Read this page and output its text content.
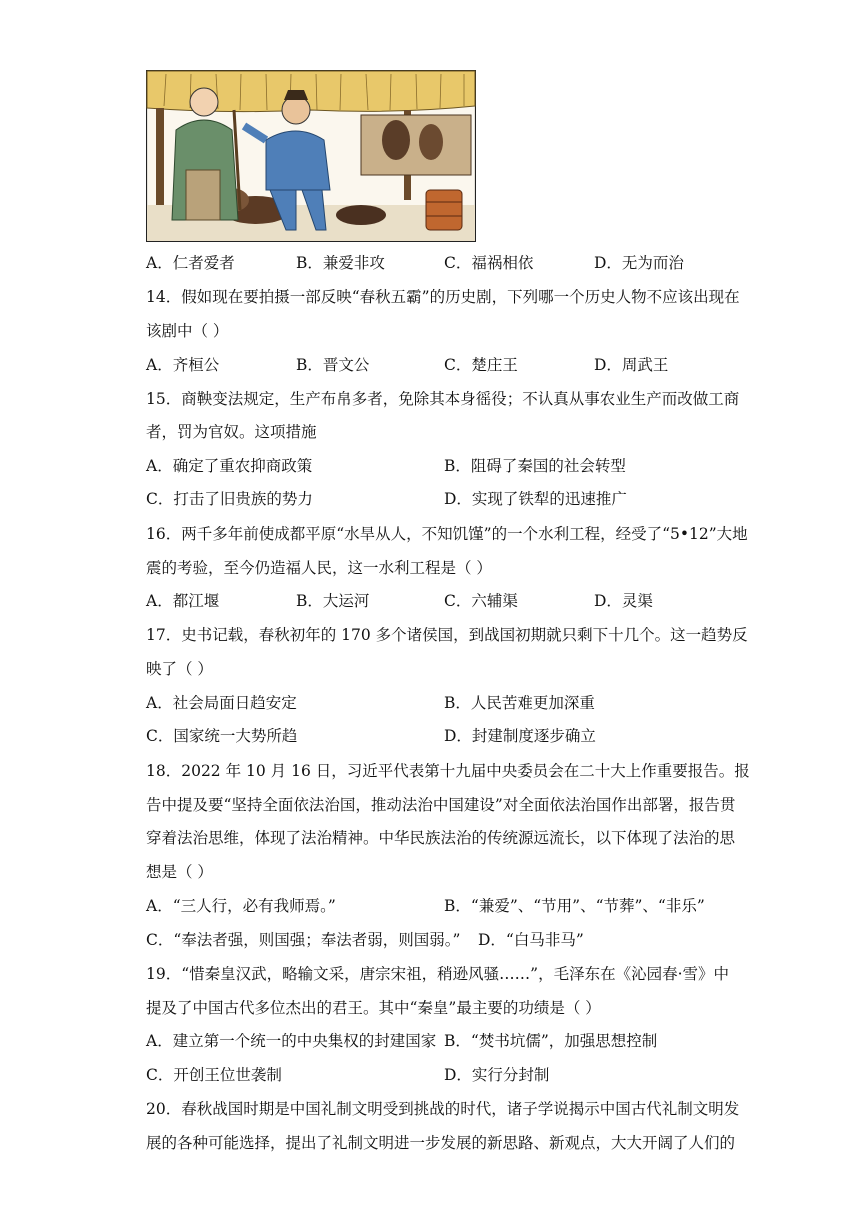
A．仁者爱者	B．兼爱非攻	C．福祸相依	D．无为而治
14．假如现在要拍摄一部反映“春秋五霸”的历史剧，下列哪一个历史人物不应该出现在
该剧中（ ）
A．齐桓公	B．晋文公	C．楚庄王	D．周武王
15．商鞅变法规定，生产布帛多者，免除其本身徭役；不认真从事农业生产而改做工商
者，罚为官奴。这项措施
A．确定了重农抑商政策	B．阻碍了秦国的社会转型
C．打击了旧贵族的势力	D．实现了铁犁的迅速推广
16．两千多年前使成都平原“水旱从人，不知饥馑”的一个水利工程，经受了“5•12”大地
震的考验，至今仍造福人民，这一水利工程是（ ）
A．都江堰	B．大运河	C．六辅渠	D．灵渠
17．史书记载，春秋初年的 170 多个诸侯国，到战国初期就只剩下十几个。这一趋势反
映了（ ）
A．社会局面日趋安定	B．人民苦难更加深重
C．国家统一大势所趋	D．封建制度逐步确立
18．2022 年 10 月 16 日，习近平代表第十九届中央委员会在二十大上作重要报告。报
告中提及要“坚持全面依法治国，推动法治中国建设”对全面依法治国作出部署，报告贯
穿着法治思维，体现了法治精神。中华民族法治的传统源远流长，以下体现了法治的思
想是（ ）
A．“三人行，必有我师焉。”	B．“兼爱”、“节用”、“节葬”、“非乐”
C．“奉法者强，则国强；奉法者弱，则国弱。” D．“白马非马”
19．“惜秦皇汉武，略输文采，唐宗宋祖，稍逊风骚……”，毛泽东在《沁园春·雪》中
提及了中国古代多位杰出的君王。其中“秦皇”最主要的功绩是（ ）
A．建立第一个统一的中央集权的封建国家 B．“焚书坑儒”，加强思想控制
C．开创王位世袭制	D．实行分封制
20．春秋战国时期是中国礼制文明受到挑战的时代，诸子学说揭示中国古代礼制文明发
展的各种可能选择，提出了礼制文明进一步发展的新思路、新观点，大大开阔了人们的
